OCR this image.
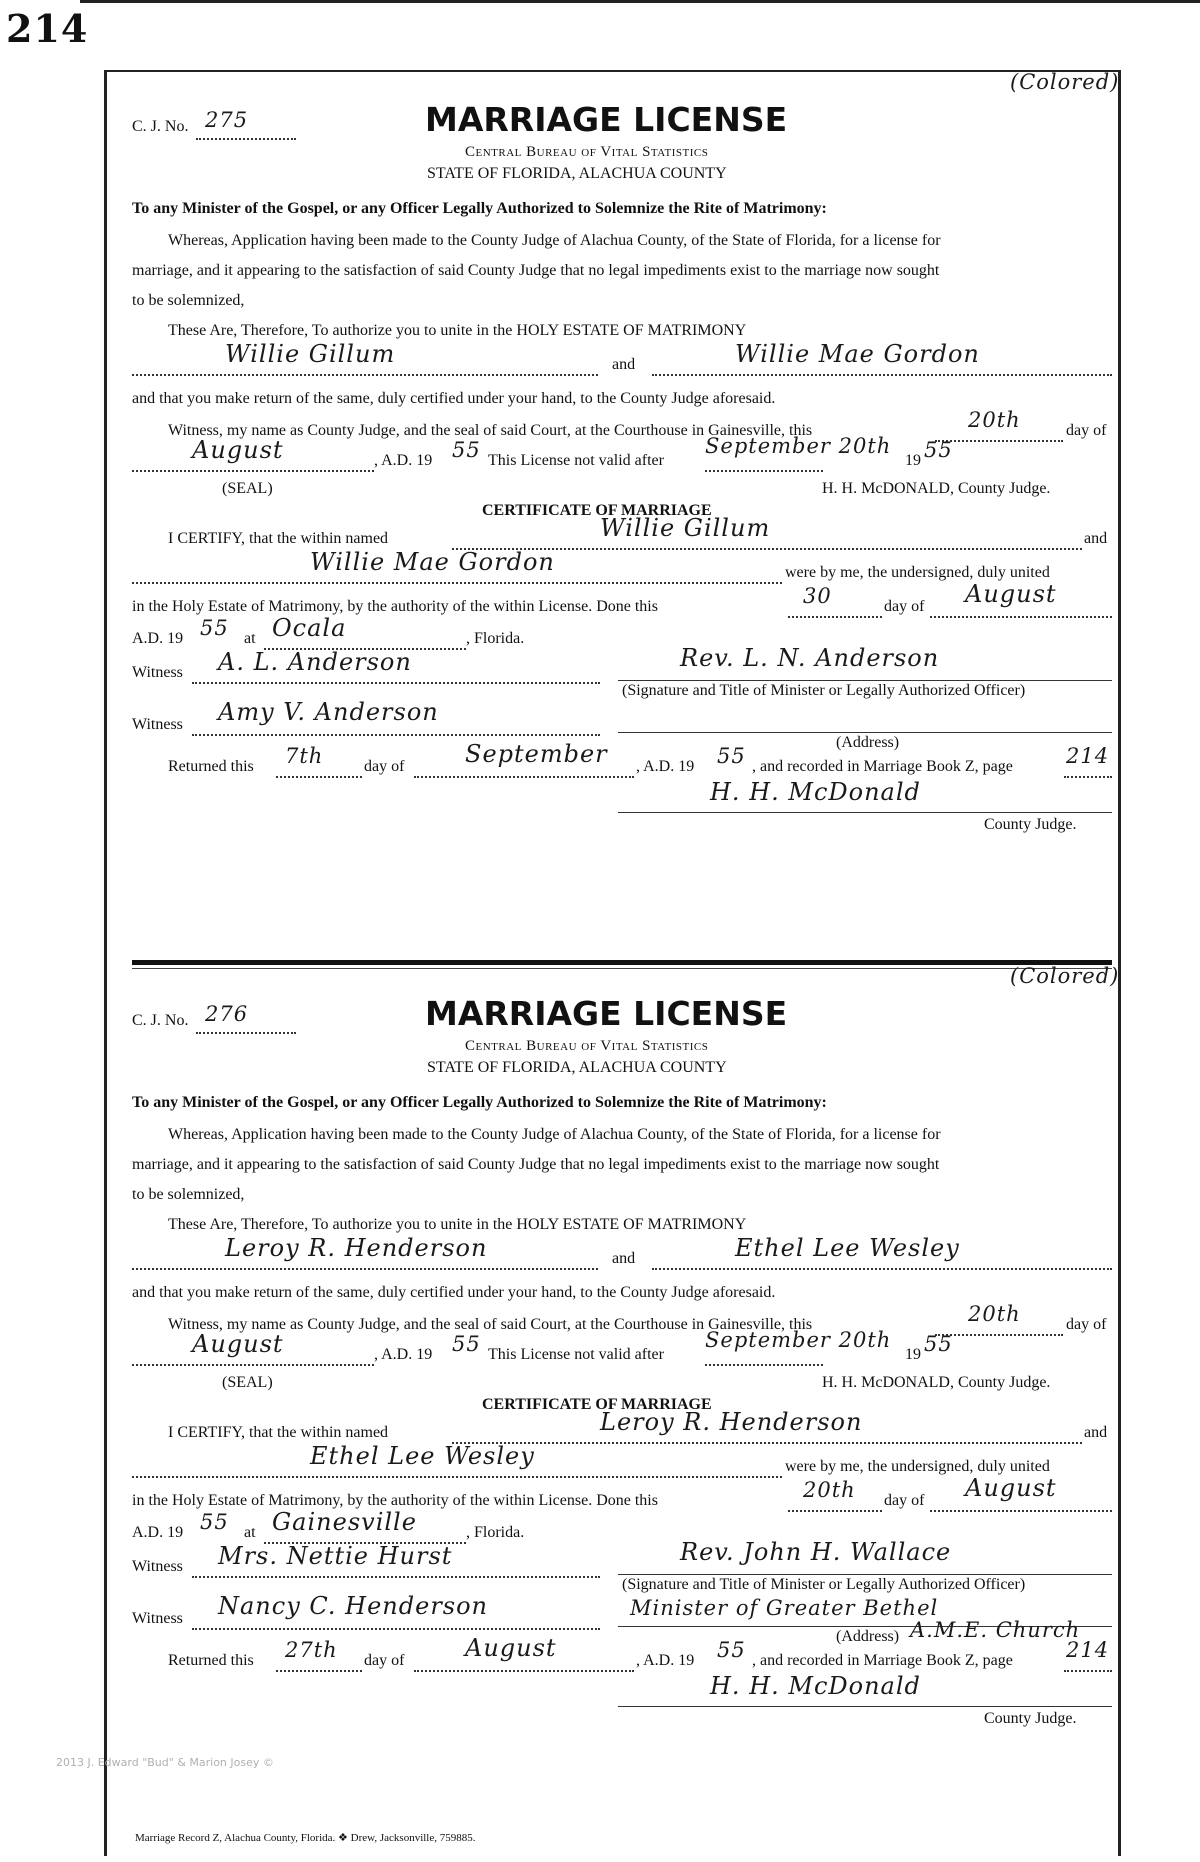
214
(Colored)
C. J. No. 275	MARRIAGE LICENSE
Central Bureau of Vital Statistics
STATE OF FLORIDA, ALACHUA COUNTY
To any Minister of the Gospel, or any Officer Legally Authorized to Solemnize the Rite of Matrimony:
Whereas, Application having been made to the County Judge of Alachua County, of the State of Florida, for a license for
marriage, and it appearing to the satisfaction of said County Judge that no legal impediments exist to the marriage now sought
to be solemnized,
These Are, Therefore, To authorize you to unite in the HOLY ESTATE OF MATRIMONY
Willie Gillum	and	Willie Mae Gordon
and that you make return of the same, duly certified under your hand, to the County Judge aforesaid.
Witness, my name as County Judge, and the seal of said Court, at the Courthouse in Gainesville, this	20th	day of
August	, A.D. 19 55 This License not valid after
September 20th
19 55
(SEAL)	H. H. McDONALD, County Judge.
CERTIFICATE OF MARRIAGE
I CERTIFY, that the within named	Willie Gillum	and
Willie Mae Gordon	were by me, the undersigned, duly united
in the Holy Estate of Matrimony, by the authority of the within License. Done this	30	day of August
A.D. 19 55 at Ocala	, Florida.
Witness A. L. Anderson	Rev. L. N. Anderson
(Signature and Title of Minister or Legally Authorized Officer)
Witness Amy V. Anderson
(Address)
Returned this 7th	day of	September , A.D. 19 55 , and recorded in Marriage Book Z, page	214
H. H. McDonald
County Judge.
(Colored)
C. J. No. 276	MARRIAGE LICENSE
Central Bureau of Vital Statistics
STATE OF FLORIDA, ALACHUA COUNTY
To any Minister of the Gospel, or any Officer Legally Authorized to Solemnize the Rite of Matrimony:
Whereas, Application having been made to the County Judge of Alachua County, of the State of Florida, for a license for
marriage, and it appearing to the satisfaction of said County Judge that no legal impediments exist to the marriage now sought
to be solemnized,
These Are, Therefore, To authorize you to unite in the HOLY ESTATE OF MATRIMONY
Leroy R. Henderson	and	Ethel Lee Wesley
and that you make return of the same, duly certified under your hand, to the County Judge aforesaid.
Witness, my name as County Judge, and the seal of said Court, at the Courthouse in Gainesville, this	20th	day of
August	, A.D. 19 55 This License not valid after
September 20th
19 55
(SEAL)	H. H. McDONALD, County Judge.
CERTIFICATE OF MARRIAGE
I CERTIFY, that the within named	Leroy R. Henderson	and
Ethel Lee Wesley	were by me, the undersigned, duly united
in the Holy Estate of Matrimony, by the authority of the within License. Done this	20th day of August
A.D. 19 55 at Gainesville	, Florida.
Witness Mrs. Nettie Hurst	Rev. John H. Wallace
(Signature and Title of Minister or Legally Authorized Officer)
Witness Nancy C. Henderson	Minister of Greater Bethel
(Address) A.M.E. Church
Returned this 27th day of	August	, A.D. 19 55 , and recorded in Marriage Book Z, page	214
H. H. McDonald
County Judge.
2013 J. Edward "Bud" & Marion Josey ©
Marriage Record Z, Alachua County, Florida. ❖ Drew, Jacksonville, 759885.
